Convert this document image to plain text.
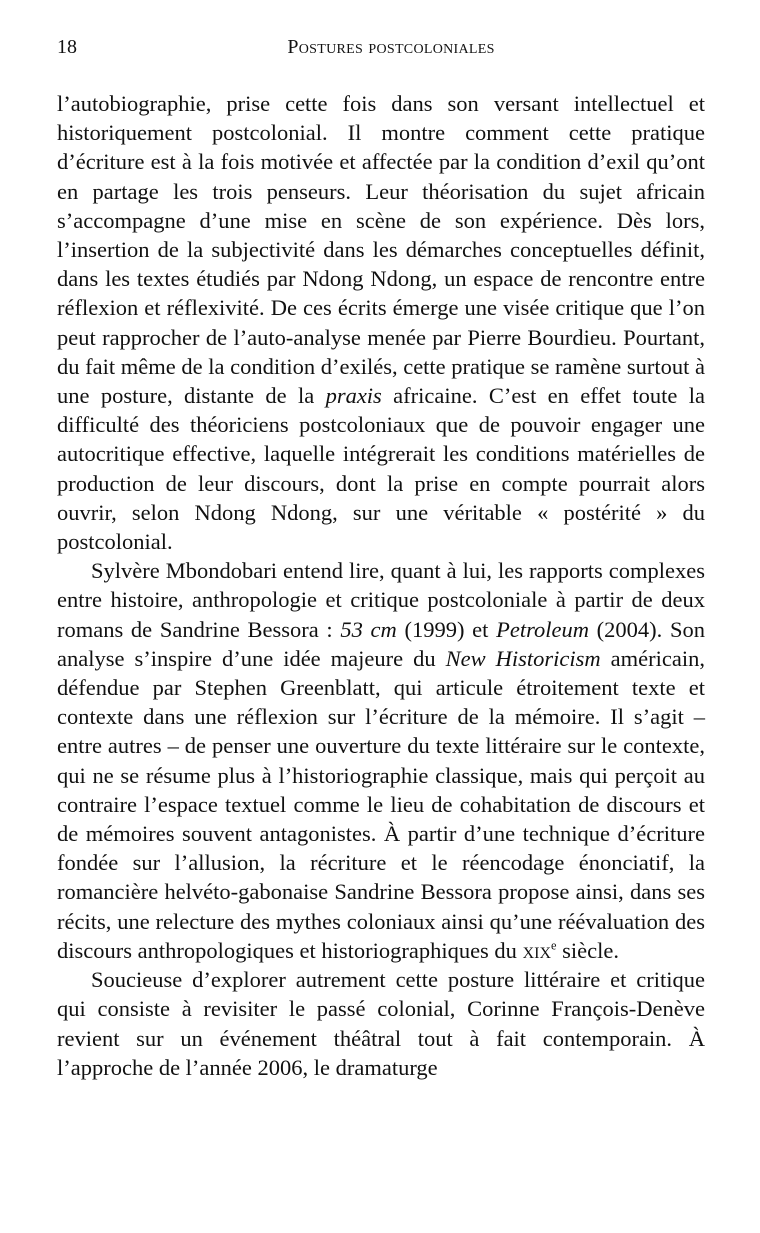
18	Postures postcoloniales

l’autobiographie, prise cette fois dans son versant intellectuel et historiquement postcolonial. Il montre comment cette pratique d’écriture est à la fois motivée et affectée par la condition d’exil qu’ont en partage les trois penseurs. Leur théorisation du sujet africain s’accompagne d’une mise en scène de son expérience. Dès lors, l’insertion de la subjectivité dans les démarches conceptuelles définit, dans les textes étudiés par Ndong Ndong, un espace de rencontre entre réflexion et réflexivité. De ces écrits émerge une visée critique que l’on peut rapprocher de l’auto-analyse menée par Pierre Bourdieu. Pourtant, du fait même de la condition d’exilés, cette pratique se ramène surtout à une posture, distante de la praxis africaine. C’est en effet toute la difficulté des théoriciens postcoloniaux que de pouvoir engager une autocritique effective, laquelle intégrerait les conditions matérielles de production de leur discours, dont la prise en compte pourrait alors ouvrir, selon Ndong Ndong, sur une véritable « postérité » du postcolonial.

Sylvère Mbondobari entend lire, quant à lui, les rapports complexes entre histoire, anthropologie et critique postcoloniale à partir de deux romans de Sandrine Bessora : 53 cm (1999) et Petroleum (2004). Son analyse s’inspire d’une idée majeure du New Historicism américain, défendue par Stephen Greenblatt, qui articule étroitement texte et contexte dans une réflexion sur l’écriture de la mémoire. Il s’agit – entre autres – de penser une ouverture du texte littéraire sur le contexte, qui ne se résume plus à l’historiographie classique, mais qui perçoit au contraire l’espace textuel comme le lieu de cohabitation de discours et de mémoires souvent antagonistes. À partir d’une technique d’écriture fondée sur l’allusion, la récriture et le réencodage énonciatif, la romancière helvéto-gabonaise Sandrine Bessora propose ainsi, dans ses récits, une relecture des mythes coloniaux ainsi qu’une réévaluation des discours anthropologiques et historiographiques du xix$^e$ siècle.

Soucieuse d’explorer autrement cette posture littéraire et critique qui consiste à revisiter le passé colonial, Corinne François-Denève revient sur un événement théâtral tout à fait contemporain. À l’approche de l’année 2006, le dramaturge
